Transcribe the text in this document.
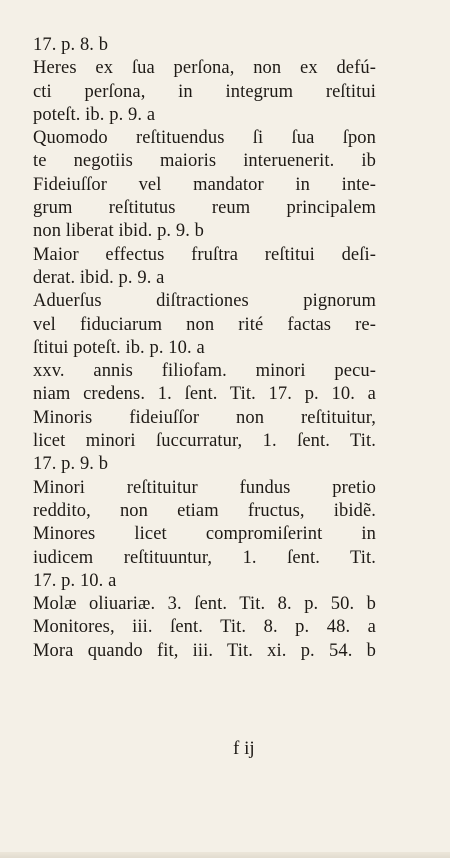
17. p. 8. b
Heres ex ſua perſona, non ex defú-
cti perſona, in integrum reſtitui
poteſt. ib. p. 9. a
Quomodo reſtituendus ſi ſua ſpon
te negotiis maioris interuenerit. ib
Fideiuſſor vel mandator in inte-
grum reſtitutus reum principalem
non liberat ibid. p. 9. b
Maior effectus fruſtra reſtitui deſi-
derat. ibid. p. 9. a
Aduerſus diſtractiones pignorum
vel fiduciarum non rité factas re-
ſtitui poteſt. ib. p. 10. a
xxv. annis filiofam. minori pecu-
niam credens. 1. ſent. Tit. 17. p. 10. a
Minoris fideiuſſor non reſtituitur,
licet minori ſuccurratur, 1. ſent. Tit.
17. p. 9. b
Minori reſtituitur fundus pretio
reddito, non etiam fructus, ibidẽ.
Minores licet compromiſerint in
iudicem reſtituuntur, 1. ſent. Tit.
17. p. 10. a
Molæ oliuariæ. 3. ſent. Tit. 8. p. 50. b
Monitores, iii. ſent. Tit. 8. p. 48. a
Mora quando fit, iii. Tit. xi. p. 54. b
f ij
